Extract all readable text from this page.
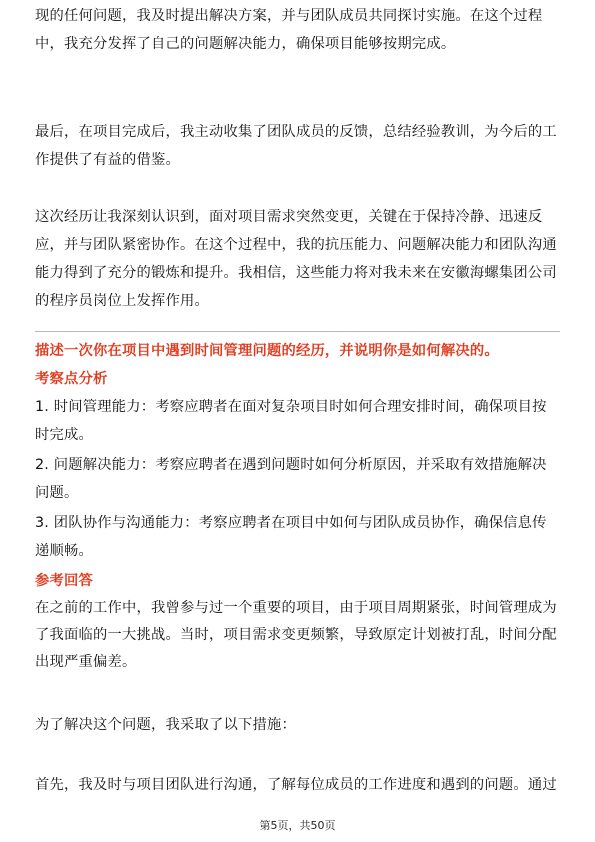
现的任何问题，我及时提出解决方案，并与团队成员共同探讨实施。在这个过程中，我充分发挥了自己的问题解决能力，确保项目能够按期完成。

最后，在项目完成后，我主动收集了团队成员的反馈，总结经验教训，为今后的工作提供了有益的借鉴。

这次经历让我深刻认识到，面对项目需求突然变更，关键在于保持冷静、迅速反应，并与团队紧密协作。在这个过程中，我的抗压能力、问题解决能力和团队沟通能力得到了充分的锻炼和提升。我相信，这些能力将对我未来在安徽海螺集团公司的程序员岗位上发挥作用。

描述一次你在项目中遇到时间管理问题的经历，并说明你是如何解决的。

考察点分析

1. 时间管理能力：考察应聘者在面对复杂项目时如何合理安排时间，确保项目按时完成。

2. 问题解决能力：考察应聘者在遇到问题时如何分析原因，并采取有效措施解决问题。

3. 团队协作与沟通能力：考察应聘者在项目中如何与团队成员协作，确保信息传递顺畅。

参考回答

在之前的工作中，我曾参与过一个重要的项目，由于项目周期紧张，时间管理成为了我面临的一大挑战。当时，项目需求变更频繁，导致原定计划被打乱，时间分配出现严重偏差。

为了解决这个问题，我采取了以下措施：

首先，我及时与项目团队进行沟通，了解每位成员的工作进度和遇到的问题。通过

第5页，共50页
